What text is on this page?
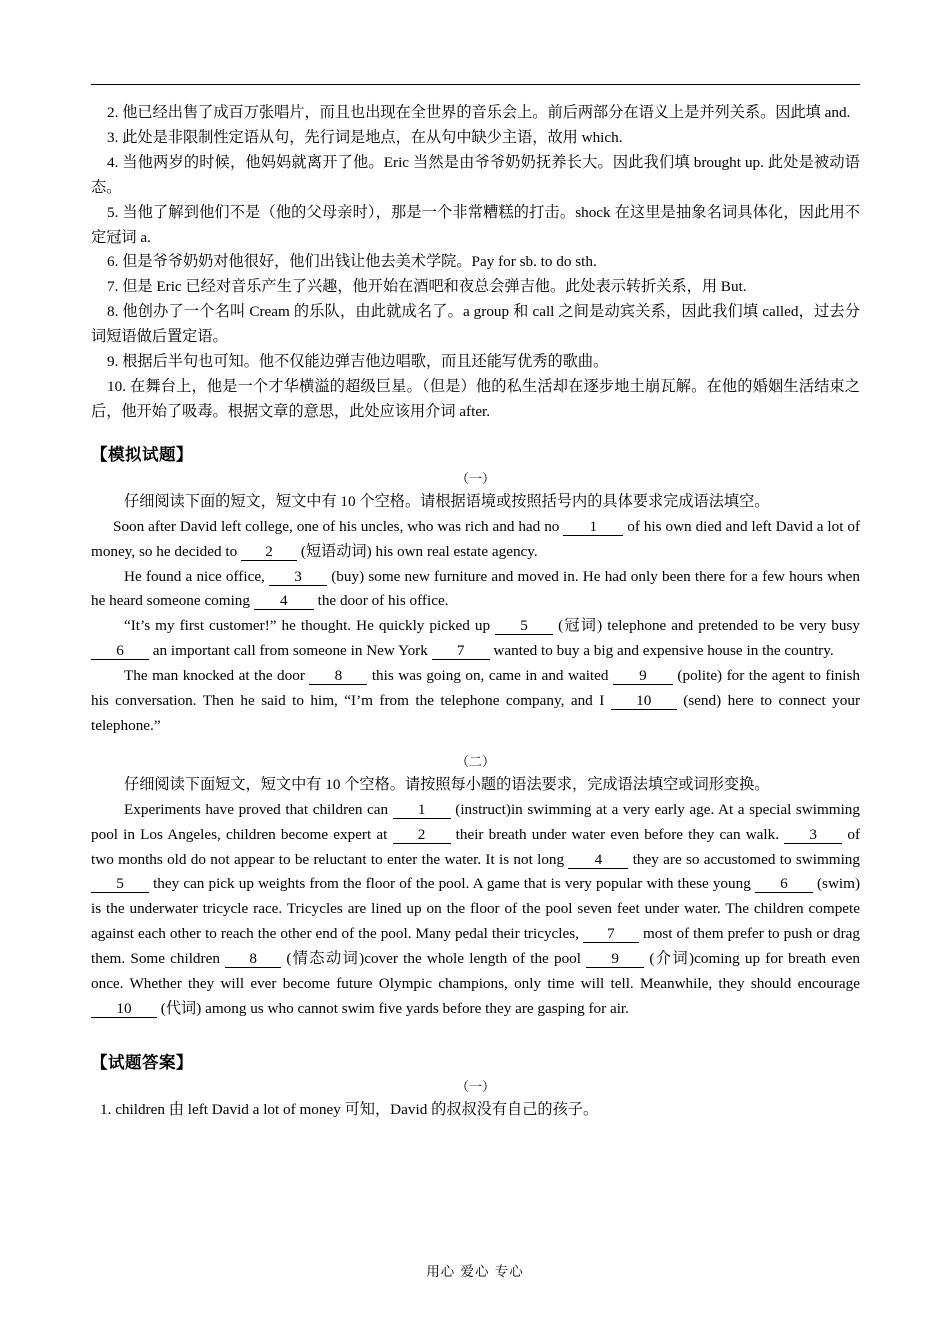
2. 他已经出售了成百万张唱片，而且也出现在全世界的音乐会上。前后两部分在语义上是并列关系。因此填 and.

3. 此处是非限制性定语从句，先行词是地点，在从句中缺少主语，故用 which.

4. 当他两岁的时候，他妈妈就离开了他。Eric 当然是由爷爷奶奶抚养长大。因此我们填 brought up. 此处是被动语态。

5. 当他了解到他们不是（他的父母亲时），那是一个非常糟糕的打击。shock 在这里是抽象名词具体化，因此用不定冠词 a.

6. 但是爷爷奶奶对他很好，他们出钱让他去美术学院。Pay for sb. to do sth.

7. 但是 Eric 已经对音乐产生了兴趣，他开始在酒吧和夜总会弹吉他。此处表示转折关系，用 But.

8. 他创办了一个名叫 Cream 的乐队，由此就成名了。a group 和 call 之间是动宾关系，因此我们填 called，过去分词短语做后置定语。

9. 根据后半句也可知。他不仅能边弹吉他边唱歌，而且还能写优秀的歌曲。

10. 在舞台上，他是一个才华横溢的超级巨星。（但是）他的私生活却在逐步地土崩瓦解。在他的婚姻生活结束之后，他开始了吸毒。根据文章的意思，此处应该用介词 after.

【模拟试题】

（一）

仔细阅读下面的短文，短文中有 10 个空格。请根据语境或按照括号内的具体要求完成语法填空。

Soon after David left college, one of his uncles, who was rich and had no 1 of his own died and left David a lot of money, so he decided to 2 (短语动词) his own real estate agency.

He found a nice office, 3 (buy) some new furniture and moved in. He had only been there for a few hours when he heard someone coming 4 the door of his office.

“It’s my first customer!” he thought. He quickly picked up 5 (冠词) telephone and pretended to be very busy 6 an important call from someone in New York 7 wanted to buy a big and expensive house in the country.

The man knocked at the door 8 this was going on, came in and waited 9 (polite) for the agent to finish his conversation. Then he said to him, “I’m from the telephone company, and I 10 (send) here to connect your telephone.”

（二）

仔细阅读下面短文，短文中有 10 个空格。请按照每小题的语法要求，完成语法填空或词形变换。

Experiments have proved that children can 1 (instruct)in swimming at a very early age. At a special swimming pool in Los Angeles, children become expert at 2 their breath under water even before they can walk. 3 of two months old do not appear to be reluctant to enter the water. It is not long 4 they are so accustomed to swimming 5 they can pick up weights from the floor of the pool. A game that is very popular with these young 6 (swim) is the underwater tricycle race. Tricycles are lined up on the floor of the pool seven feet under water. The children compete against each other to reach the other end of the pool. Many pedal their tricycles, 7 most of them prefer to push or drag them. Some children 8 (情态动词)cover the whole length of the pool 9 (介词)coming up for breath even once. Whether they will ever become future Olympic champions, only time will tell. Meanwhile, they should encourage 10 (代词) among us who cannot swim five yards before they are gasping for air.

【试题答案】

（一）

1. children 由 left David a lot of money 可知，David 的叔叔没有自己的孩子。

用心 爱心 专心
